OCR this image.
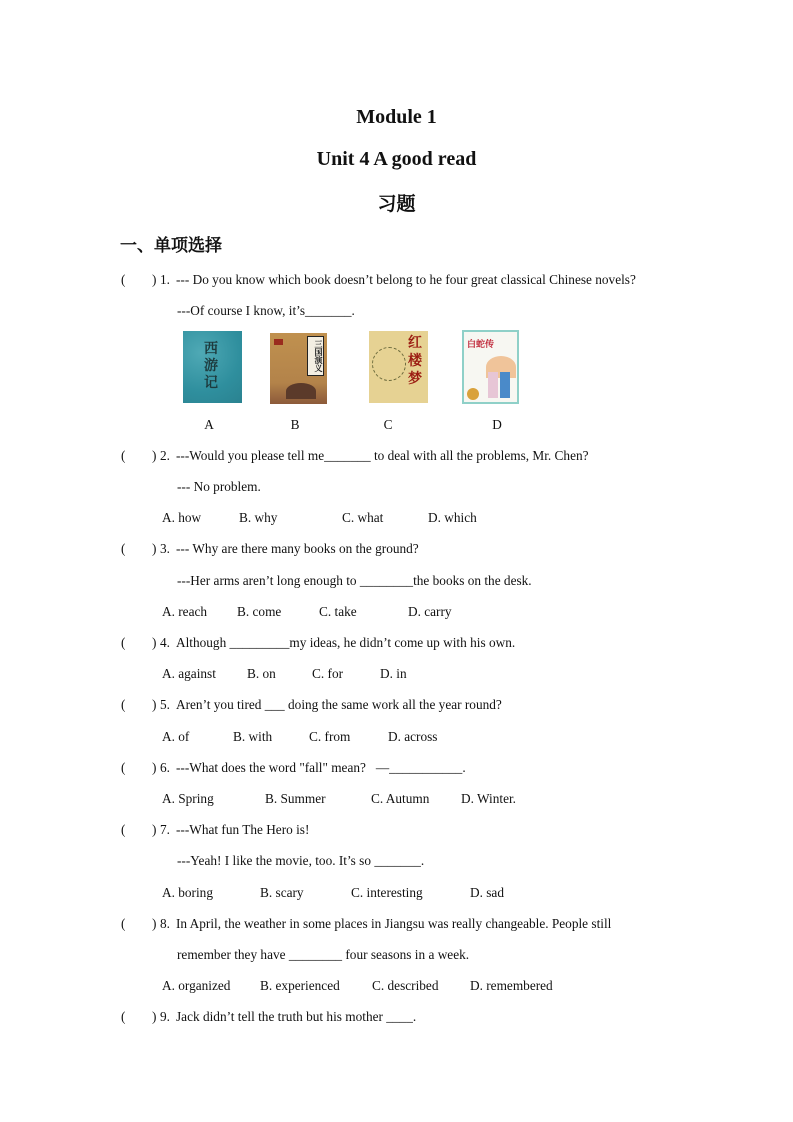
Module 1
Unit 4 A good read
习题
一、单项选择
( ) 1. --- Do you know which book doesn’t belong to he four great classical Chinese novels?
---Of course I know, it’s_______.
西游记
三国演义	红楼梦
白蛇传
A	B	C	D
( ) 2. ---Would you please tell me_______ to deal with all the problems, Mr. Chen?
--- No problem.
A. how	B. why	C. what	D. which
( ) 3. --- Why are there many books on the ground?
---Her arms aren’t long enough to ________the books on the desk.
A. reach B. come	C. take	D. carry
( ) 4. Although _________my ideas, he didn’t come up with his own.
A. against B. on	C. for	D. in
( ) 5. Aren’t you tired ___ doing the same work all the year round?
A. of	B. with	C. from	D. across
( ) 6. ---What does the word "fall" mean?   —___________.
A. Spring	B. Summer	C. Autumn D. Winter.
( ) 7. ---What fun The Hero is!
---Yeah! I like the movie, too. It’s so _______.
A. boring	B. scary	C. interesting	D. sad
( ) 8. In April, the weather in some places in Jiangsu was really changeable. People still
remember they have ________ four seasons in a week.
A. organized B. experienced C. described D. remembered
( ) 9. Jack didn’t tell the truth but his mother ____.
